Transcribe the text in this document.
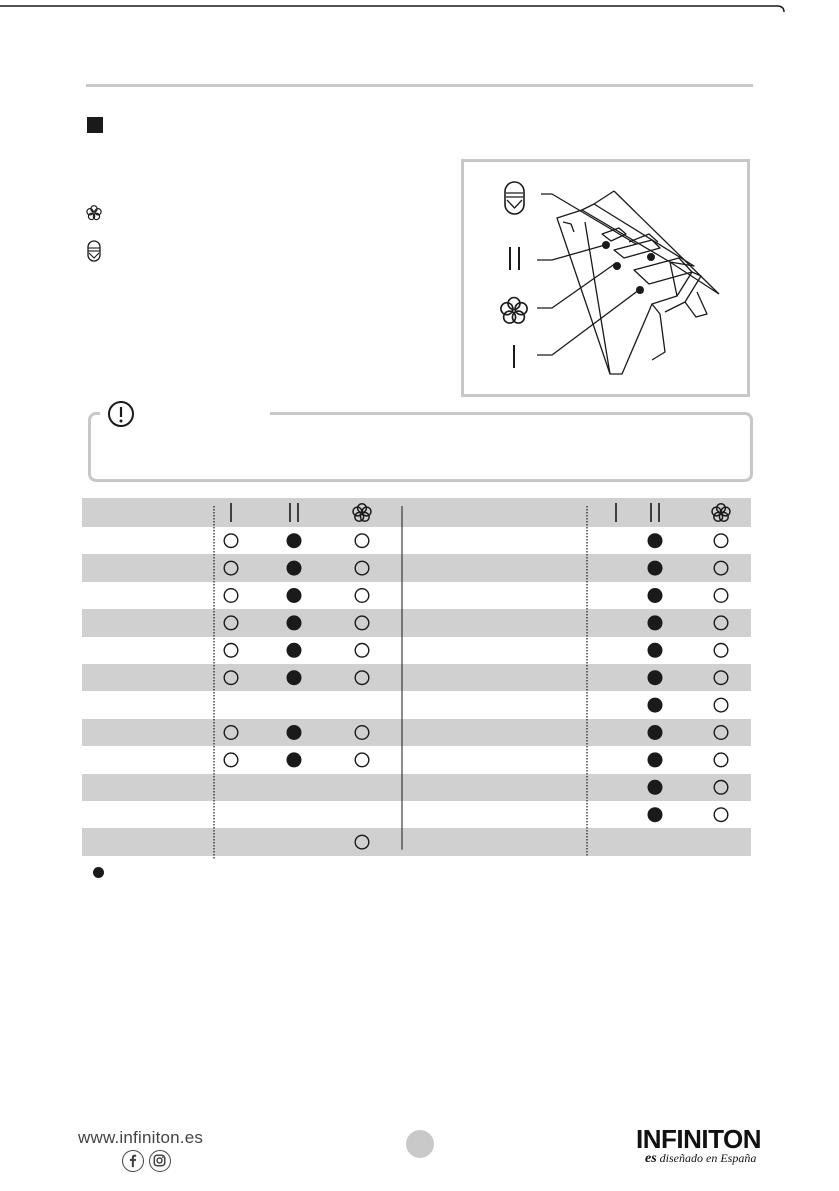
www.infiniton.es	INFINITON
es diseñado en España
